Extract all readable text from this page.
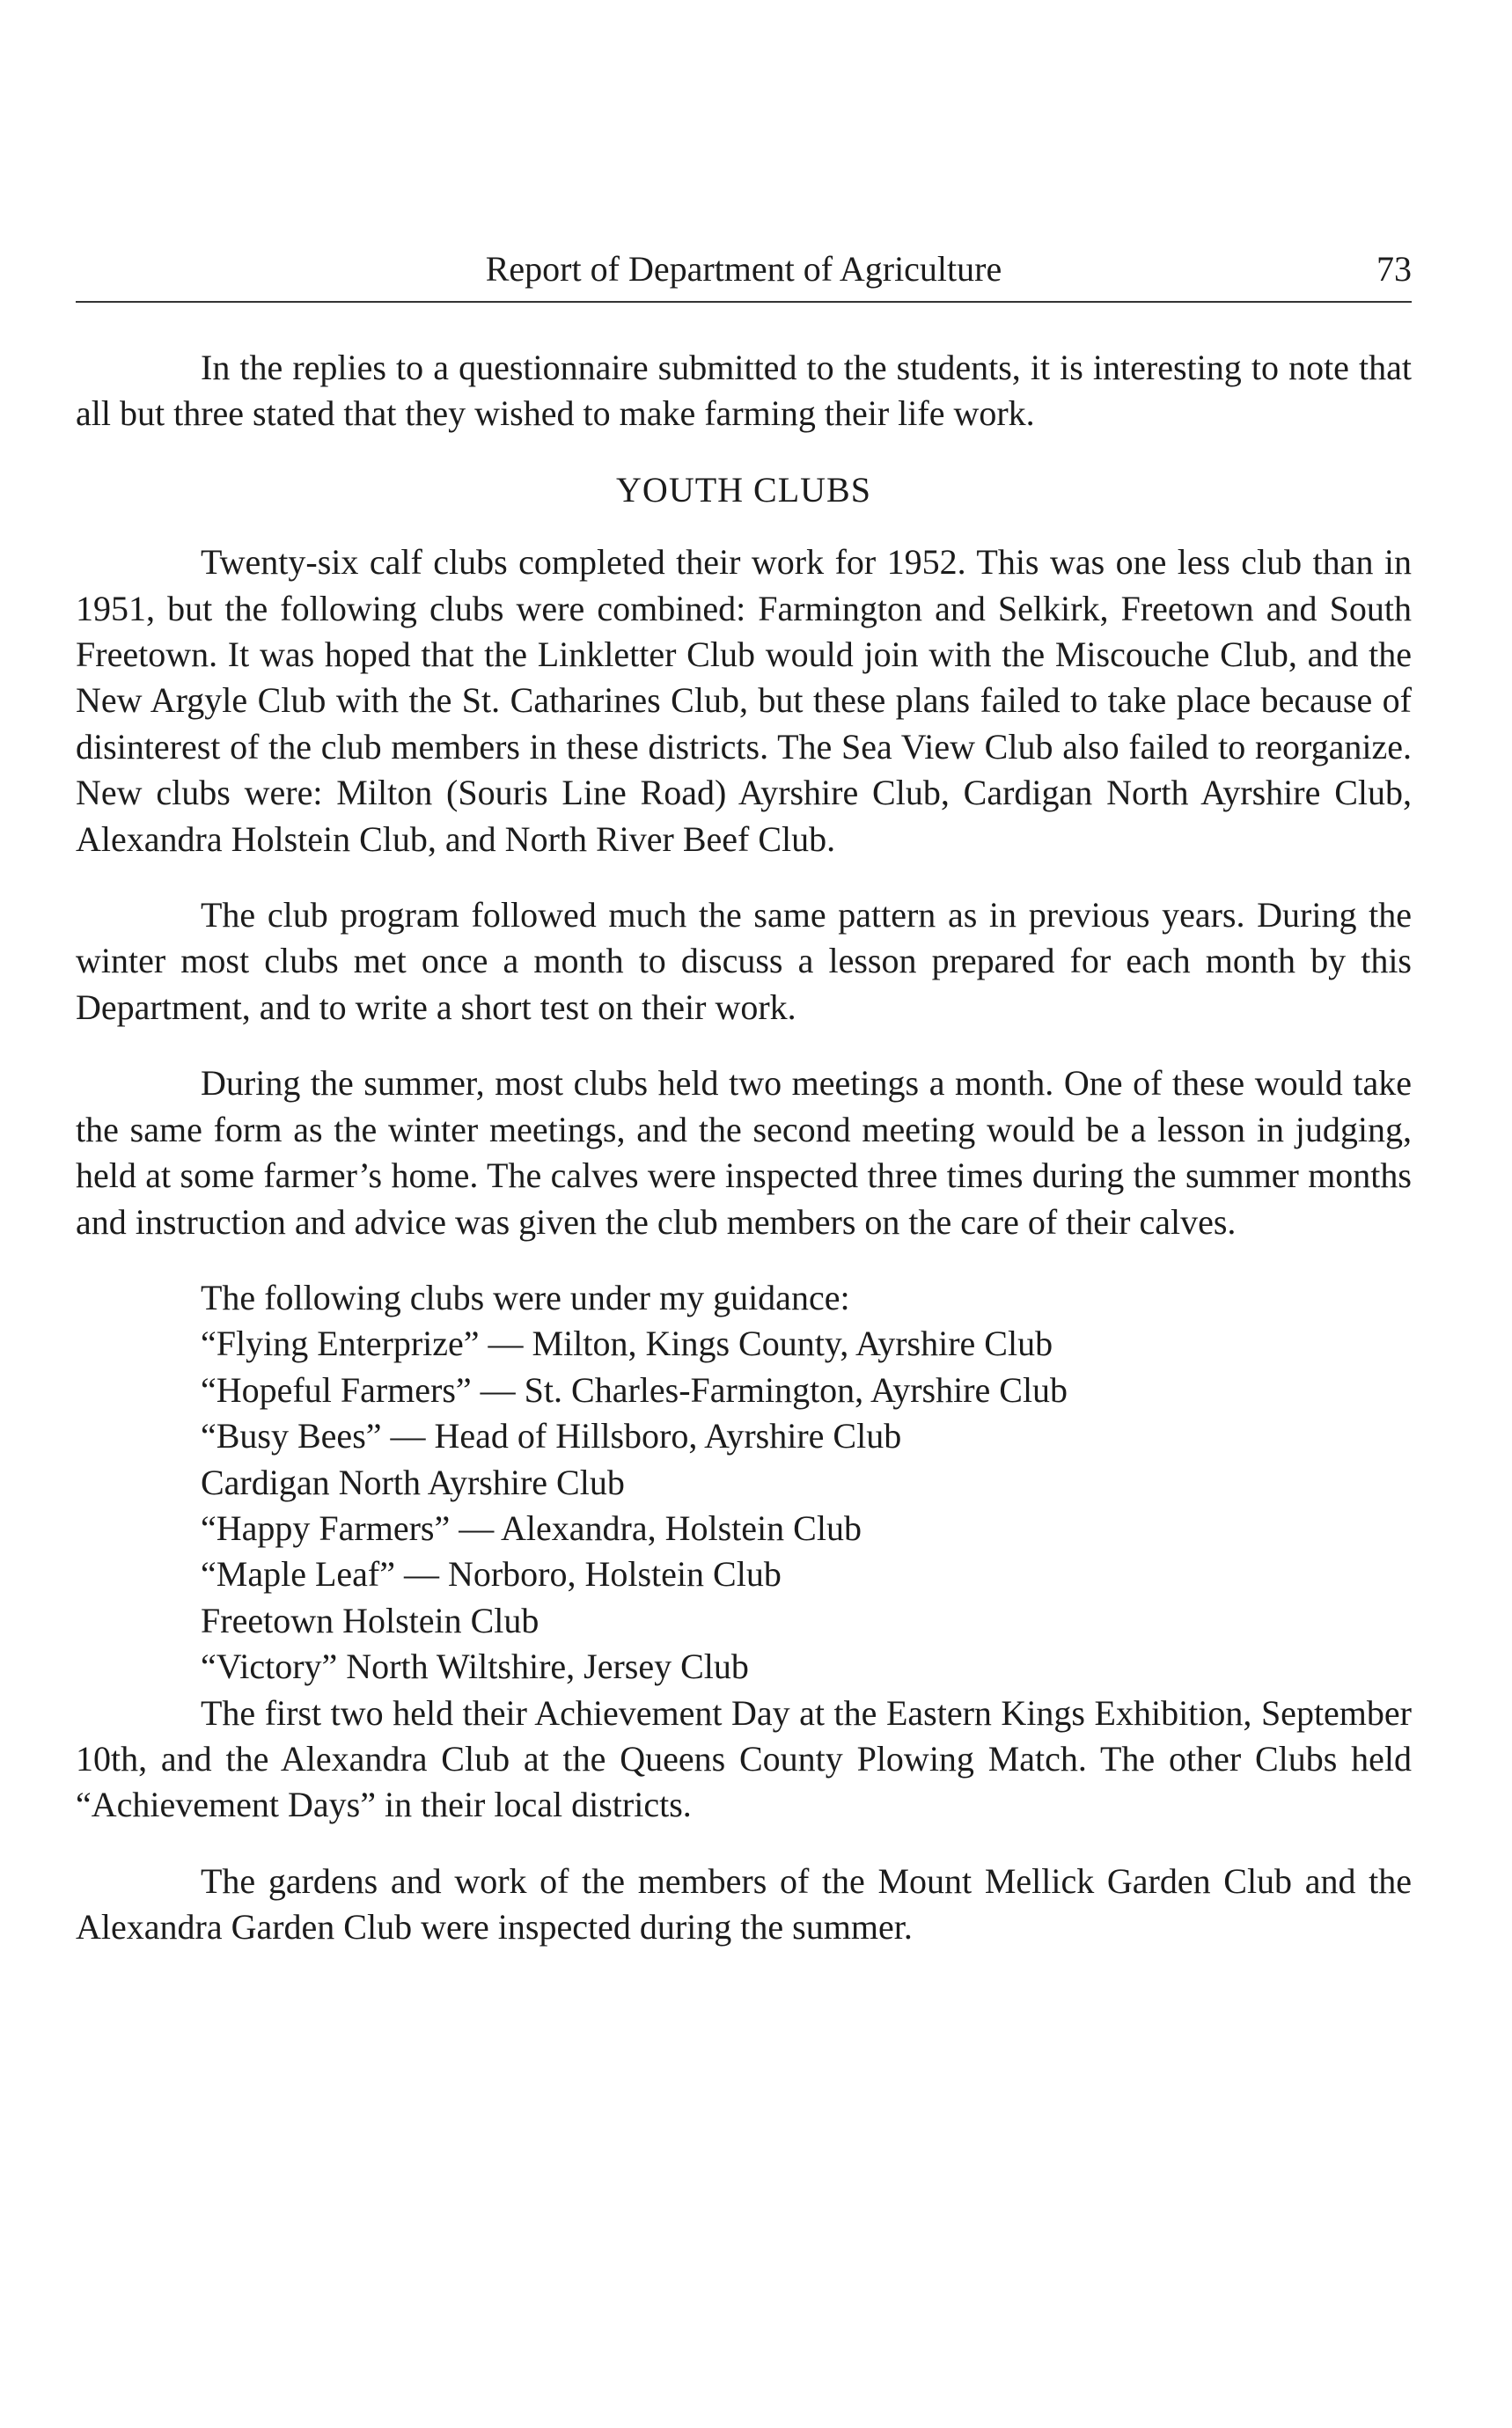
Report of Department of Agriculture	73

In the replies to a questionnaire submitted to the students, it is interesting to note that all but three stated that they wished to make farming their life work.

YOUTH CLUBS

Twenty-six calf clubs completed their work for 1952. This was one less club than in 1951, but the following clubs were combined: Farmington and Selkirk, Freetown and South Freetown. It was hoped that the Linkletter Club would join with the Miscouche Club, and the New Argyle Club with the St. Catharines Club, but these plans failed to take place because of disinterest of the club members in these districts. The Sea View Club also failed to reorganize. New clubs were: Milton (Souris Line Road) Ayrshire Club, Cardigan North Ayrshire Club, Alexandra Holstein Club, and North River Beef Club.

The club program followed much the same pattern as in previous years. During the winter most clubs met once a month to discuss a lesson prepared for each month by this Department, and to write a short test on their work.

During the summer, most clubs held two meetings a month. One of these would take the same form as the winter meetings, and the second meeting would be a lesson in judging, held at some farmer’s home. The calves were inspected three times during the summer months and instruction and advice was given the club members on the care of their calves.

The following clubs were under my guidance:
“Flying Enterprize” — Milton, Kings County, Ayrshire Club
“Hopeful Farmers” — St. Charles-Farmington, Ayrshire Club
“Busy Bees” — Head of Hillsboro, Ayrshire Club
Cardigan North Ayrshire Club
“Happy Farmers” — Alexandra, Holstein Club
“Maple Leaf” — Norboro, Holstein Club
Freetown Holstein Club
“Victory” North Wiltshire, Jersey Club

The first two held their Achievement Day at the Eastern Kings Exhibition, September 10th, and the Alexandra Club at the Queens County Plowing Match. The other Clubs held “Achievement Days” in their local districts.

The gardens and work of the members of the Mount Mellick Garden Club and the Alexandra Garden Club were inspected during the summer.
